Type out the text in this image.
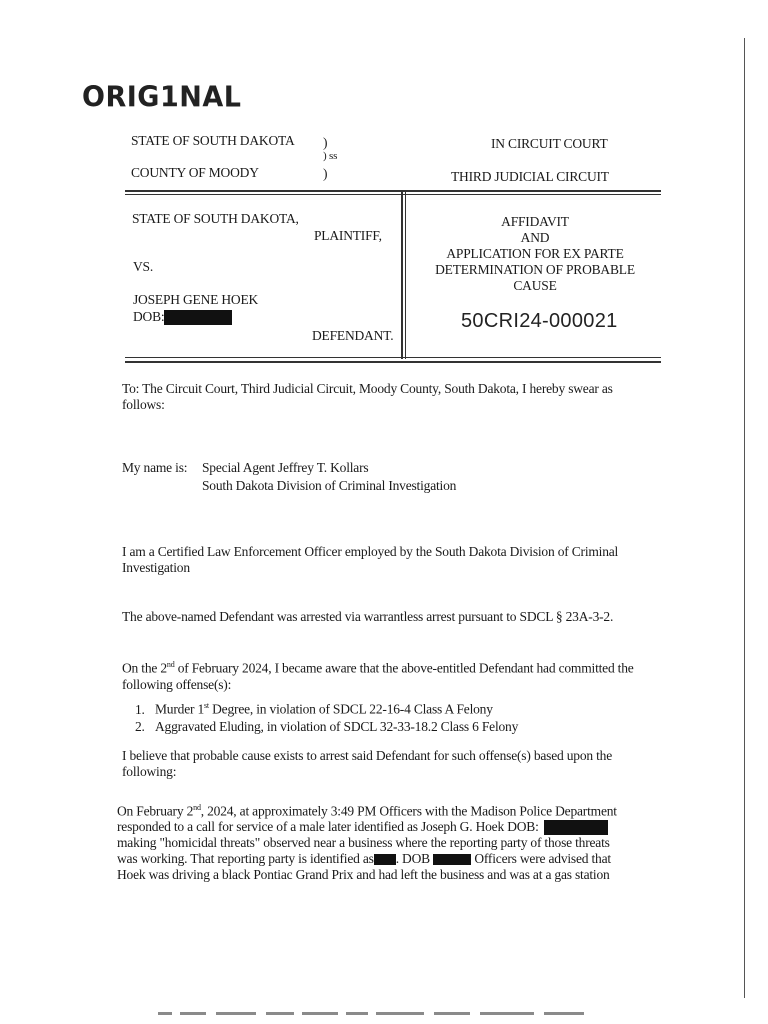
ORIG1NAL
STATE OF SOUTH DAKOTA
COUNTY OF MOODY
)
) ss
)
IN CIRCUIT COURT
THIRD JUDICIAL CIRCUIT
STATE OF SOUTH DAKOTA,
PLAINTIFF,
VS.
JOSEPH GENE HOEK
DOB:
DEFENDANT.
AFFIDAVIT
AND
APPLICATION FOR EX PARTE
DETERMINATION OF PROBABLE
CAUSE
50CRI24-000021
To: The Circuit Court, Third Judicial Circuit, Moody County, South Dakota, I hereby swear as follows:
My name is: Special Agent Jeffrey T. Kollars
South Dakota Division of Criminal Investigation
I am a Certified Law Enforcement Officer employed by the South Dakota Division of Criminal Investigation
The above-named Defendant was arrested via warrantless arrest pursuant to SDCL § 23A-3-2.
On the 2nd of February 2024, I became aware that the above-entitled Defendant had committed the following offense(s):
1. Murder 1st Degree, in violation of SDCL 22-16-4 Class A Felony
2. Aggravated Eluding, in violation of SDCL 32-33-18.2 Class 6 Felony
I believe that probable cause exists to arrest said Defendant for such offense(s) based upon the following:
On February 2nd, 2024, at approximately 3:49 PM Officers with the Madison Police Department
responded to a call for service of a male later identified as Joseph G. Hoek DOB:
making "homicidal threats" observed near a business where the reporting party of those threats
was working. That reporting party is identified as . DOB	Officers were advised that
Hoek was driving a black Pontiac Grand Prix and had left the business and was at a gas station
